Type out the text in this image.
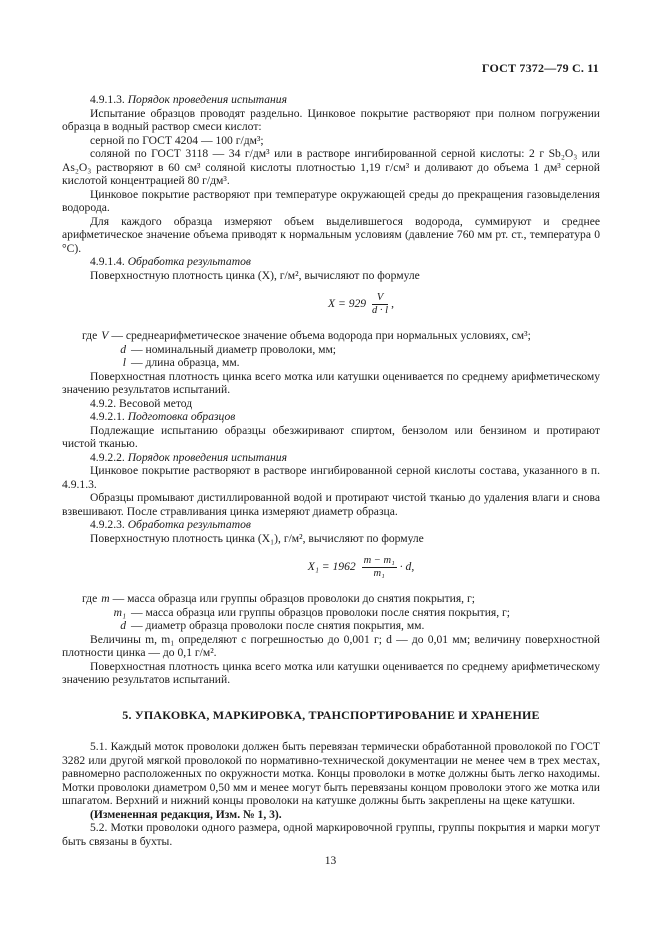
ГОСТ 7372—79 С. 11

4.9.1.3. Порядок проведения испытания

Испытание образцов проводят раздельно. Цинковое покрытие растворяют при полном погружении образца в водный раствор смеси кислот:

серной по ГОСТ 4204 — 100 г/дм³;

соляной по ГОСТ 3118 — 34 г/дм³ или в растворе ингибированной серной кислоты: 2 г Sb₂O₃ или As₂O₃ растворяют в 60 см³ соляной кислоты плотностью 1,19 г/см³ и доливают до объема 1 дм³ серной кислотой концентрацией 80 г/дм³.

Цинковое покрытие растворяют при температуре окружающей среды до прекращения газовыделения водорода.

Для каждого образца измеряют объем выделившегося водорода, суммируют и среднее арифметическое значение объема приводят к нормальным условиям (давление 760 мм рт. ст., температура 0 °С).

4.9.1.4. Обработка результатов

Поверхностную плотность цинка (X), г/м², вычисляют по формуле

$X = 929 \frac{V}{d \cdot l}$ ,
где V — среднеарифметическое значение объема водорода при нормальных условиях, см³;
d — номинальный диаметр проволоки, мм;
l — длина образца, мм.

Поверхностная плотность цинка всего мотка или катушки оценивается по среднему арифметическому значению результатов испытаний.

4.9.2. Весовой метод

4.9.2.1. Подготовка образцов

Подлежащие испытанию образцы обезжиривают спиртом, бензолом или бензином и протирают чистой тканью.

4.9.2.2. Порядок проведения испытания

Цинковое покрытие растворяют в растворе ингибированной серной кислоты состава, указанного в п. 4.9.1.3.

Образцы промывают дистиллированной водой и протирают чистой тканью до удаления влаги и снова взвешивают. После стравливания цинка измеряют диаметр образца.

4.9.2.3. Обработка результатов

Поверхностную плотность цинка (X₁), г/м², вычисляют по формуле

$X_1 = 1962 \frac{\text{m − m₁}}{\text{m₁}} \cdot d$,
где m — масса образца или группы образцов проволоки до снятия покрытия, г;
m₁ — масса образца или группы образцов проволоки после снятия покрытия, г;
d — диаметр образца проволоки после снятия покрытия, мм.

Величины m, m₁ определяют с погрешностью до 0,001 г; d — до 0,01 мм; величину поверхностной плотности цинка — до 0,1 г/м².

Поверхностная плотность цинка всего мотка или катушки оценивается по среднему арифметическому значению результатов испытаний.

5. УПАКОВКА, МАРКИРОВКА, ТРАНСПОРТИРОВАНИЕ И ХРАНЕНИЕ

5.1. Каждый моток проволоки должен быть перевязан термически обработанной проволокой по ГОСТ 3282 или другой мягкой проволокой по нормативно-технической документации не менее чем в трех местах, равномерно расположенных по окружности мотка. Концы проволоки в мотке должны быть легко находимы. Мотки проволоки диаметром 0,50 мм и менее могут быть перевязаны концом проволоки этого же мотка или шпагатом. Верхний и нижний концы проволоки на катушке должны быть закреплены на щеке катушки.

(Измененная редакция, Изм. № 1, 3).

5.2. Мотки проволоки одного размера, одной маркировочной группы, группы покрытия и марки могут быть связаны в бухты.

13
